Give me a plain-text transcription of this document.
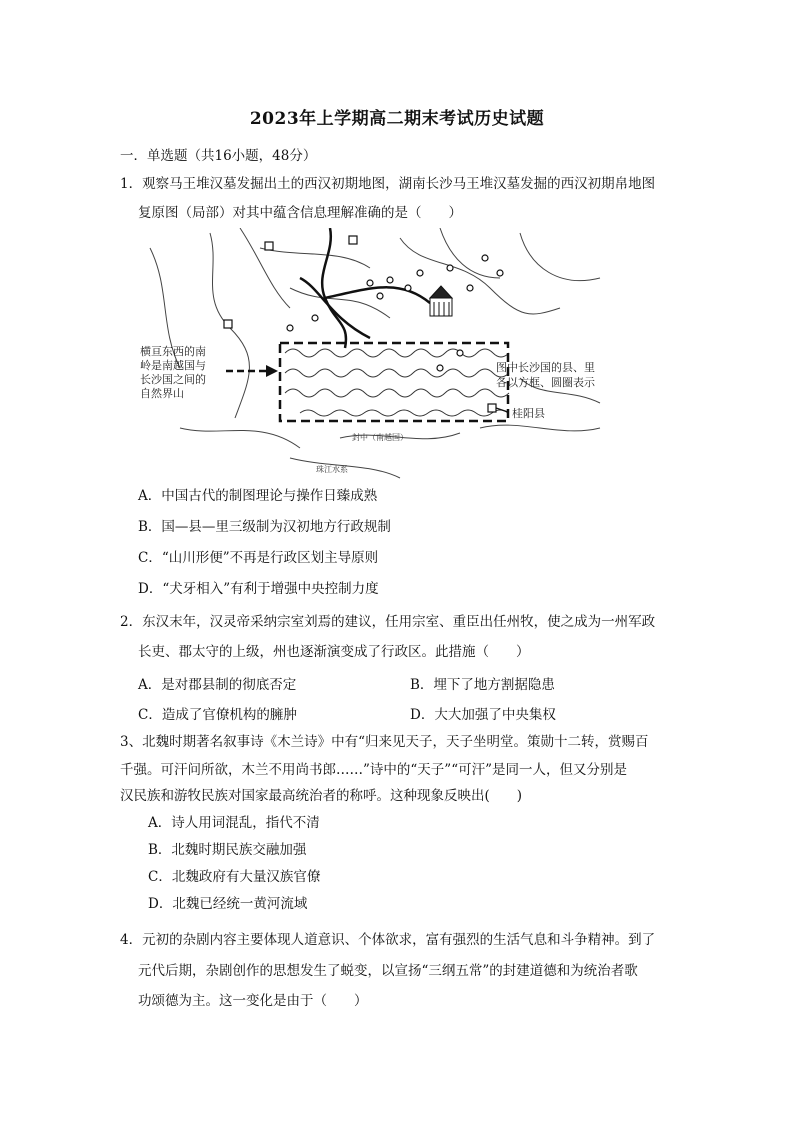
2023年上学期高二期末考试历史试题
一．单选题（共16小题，48分）
1．观察马王堆汉墓发掘出土的西汉初期地图，湖南长沙马王堆汉墓发掘的西汉初期帛地图
复原图（局部）对其中蕴含信息理解准确的是（　　）
横亘东西的南
岭是南越国与
长沙国之间的
自然界山
图中长沙国的县、里
各以方框、圆圈表示
桂阳县
封中（南越国）
珠江水系
A．中国古代的制图理论与操作日臻成熟
B．国—县—里三级制为汉初地方行政规制
C．“山川形便”不再是行政区划主导原则
D．“犬牙相入”有利于增强中央控制力度
2．东汉末年，汉灵帝采纳宗室刘焉的建议，任用宗室、重臣出任州牧，使之成为一州军政
长吏、郡太守的上级，州也逐渐演变成了行政区。此措施（　　）
A．是对郡县制的彻底否定	B．埋下了地方割据隐患
C．造成了官僚机构的臃肿	D．大大加强了中央集权
3、北魏时期著名叙事诗《木兰诗》中有“归来见天子，天子坐明堂。策勋十二转，赏赐百
千强。可汗问所欲，木兰不用尚书郎……”诗中的“天子”“可汗”是同一人，但又分别是
汉民族和游牧民族对国家最高统治者的称呼。这种现象反映出(　　)
A．诗人用词混乱，指代不清
B．北魏时期民族交融加强
C．北魏政府有大量汉族官僚
D．北魏已经统一黄河流域
4．元初的杂剧内容主要体现人道意识、个体欲求，富有强烈的生活气息和斗争精神。到了
元代后期，杂剧创作的思想发生了蜕变，以宣扬“三纲五常”的封建道德和为统治者歌
功颂德为主。这一变化是由于（　　）
